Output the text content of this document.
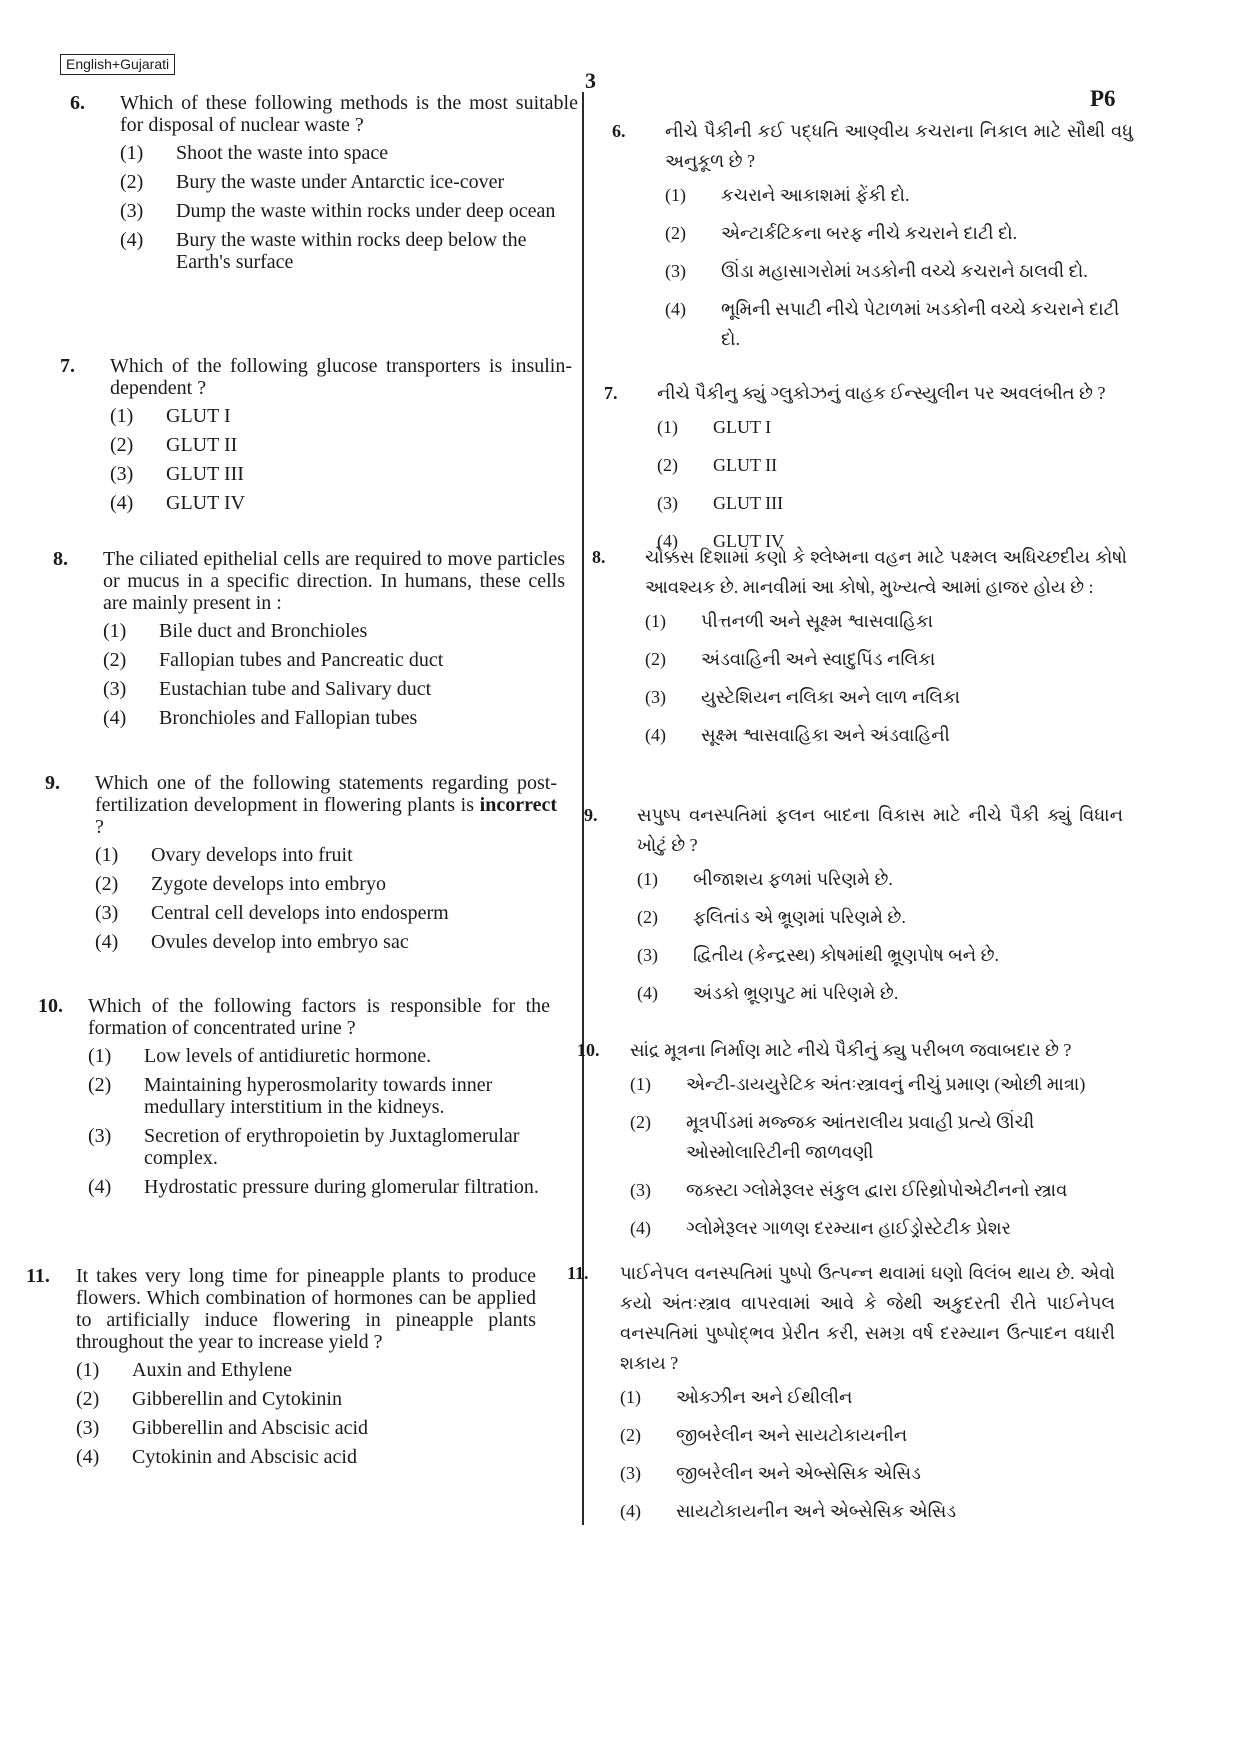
English+Gujarati
3
P6
6. Which of these following methods is the most suitable for disposal of nuclear waste ?

(1) Shoot the waste into space
(2) Bury the waste under Antarctic ice-cover
(3) Dump the waste within rocks under deep ocean
(4) Bury the waste within rocks deep below the Earth's surface
7. Which of the following glucose transporters is insulin-dependent ?

(1) GLUT I
(2) GLUT II
(3) GLUT III
(4) GLUT IV
8. The ciliated epithelial cells are required to move particles or mucus in a specific direction. In humans, these cells are mainly present in :

(1) Bile duct and Bronchioles
(2) Fallopian tubes and Pancreatic duct
(3) Eustachian tube and Salivary duct
(4) Bronchioles and Fallopian tubes
9. Which one of the following statements regarding post-fertilization development in flowering plants is incorrect ?

(1) Ovary develops into fruit
(2) Zygote develops into embryo
(3) Central cell develops into endosperm
(4) Ovules develop into embryo sac
10. Which of the following factors is responsible for the formation of concentrated urine ?

(1) Low levels of antidiuretic hormone.
(2) Maintaining hyperosmolarity towards inner medullary interstitium in the kidneys.
(3) Secretion of erythropoietin by Juxtaglomerular complex.
(4) Hydrostatic pressure during glomerular filtration.
11. It takes very long time for pineapple plants to produce flowers. Which combination of hormones can be applied to artificially induce flowering in pineapple plants throughout the year to increase yield ?

(1) Auxin and Ethylene
(2) Gibberellin and Cytokinin
(3) Gibberellin and Abscisic acid
(4) Cytokinin and Abscisic acid
6. નીચે પૈકીની કઈ પદ્ધતિ આણ્વીય કચરાના નિકાલ માટે સૌથી વધુ અનુકૂળ છે ?

(1) કચરાને આકાશમાં ફેંકી દો.
(2) એન્ટાર્કટિકના બરફ નીચે કચરાને દાટી દો.
(3) ઊંડા મહાસાગરોમાં ખડકોની વચ્ચે કચરાને ઠાલવી દો.
(4) ભૂમિની સપાટી નીચે પેટાળમાં ખડકોની વચ્ચે કચરાને દાટી દો.
7. નીચે પૈકીનુ ક્યું ગ્લુકોઝનું વાહક ઈન્સ્યુલીન પર અવલંબીત છે ?

(1) GLUT I
(2) GLUT II
(3) GLUT III
(4) GLUT IV
8. ચોક્કસ દિશામાં કણો કે શ્લેષ્મના વહન માટે પક્ષ્મલ અધિચ્છદીય કોષો આવશ્યક છે. માનવીમાં આ કોષો, મુખ્યત્વે આમાં હાજર હોય છે :

(1) પીત્તનળી અને સૂક્ષ્મ શ્વાસવાહિકા
(2) અંડવાહિની અને સ્વાદુપિંડ નલિકા
(3) યુસ્ટેશિયન નલિકા અને લાળ નલિકા
(4) સૂક્ષ્મ શ્વાસવાહિકા અને અંડવાહિની
9. સપુષ્પ વનસ્પતિમાં ફલન બાદના વિકાસ માટે નીચે પૈકી ક્યું વિધાન ખોટું છે ?

(1) બીજાશય ફળમાં પરિણમે છે.
(2) ફલિતાંડ એ ભ્રૂણમાં પરિણમે છે.
(3) દ્વિતીય (કેન્દ્રસ્થ) કોષમાંથી ભ્રૂણપોષ બને છે.
(4) અંડકો ભ્રૂણપુટ માં પરિણમે છે.
10. સાંદ્ર મૂત્રના નિર્માણ માટે નીચે પૈકીનું ક્યુ પરીબળ જવાબદાર છે ?

(1) એન્ટી-ડાયયુરેટિક અંતઃસ્ત્રાવનું નીચું પ્રમાણ (ઓછી માત્રા)
(2) મૂત્રપીંડમાં મજ્જક આંતરાલીય પ્રવાહી પ્રત્યે ઊંચી ઓસ્મોલારિટીની જાળવણી
(3) જક્સ્ટા ગ્લોમેરૂલર સંકુલ દ્વારા ઈરિથ્રોપોએટીનનો સ્ત્રાવ
(4) ગ્લોમેરૂલર ગાળણ દરમ્યાન હાઈડ્રોસ્ટેટીક પ્રેશર
11. પાઈનેપલ વનસ્પતિમાં પુષ્પો ઉત્પન્ન થવામાં ઘણો વિલંબ થાય છે. એવો કયો અંતઃસ્ત્રાવ વાપરવામાં આવે કે જેથી અકુદરતી રીતે પાઈનેપલ વનસ્પતિમાં પુષ્પોદ્ભવ પ્રેરીત કરી, સમગ્ર વર્ષ દરમ્યાન ઉત્પાદન વધારી શકાય ?

(1) ઓક્ઝીન અને ઈથીલીન
(2) જીબરેલીન અને સાયટોકાયનીન
(3) જીબરેલીન અને એબ્સેસિક એસિડ
(4) સાયટોકાયનીન અને એબ્સેસિક એસિડ
